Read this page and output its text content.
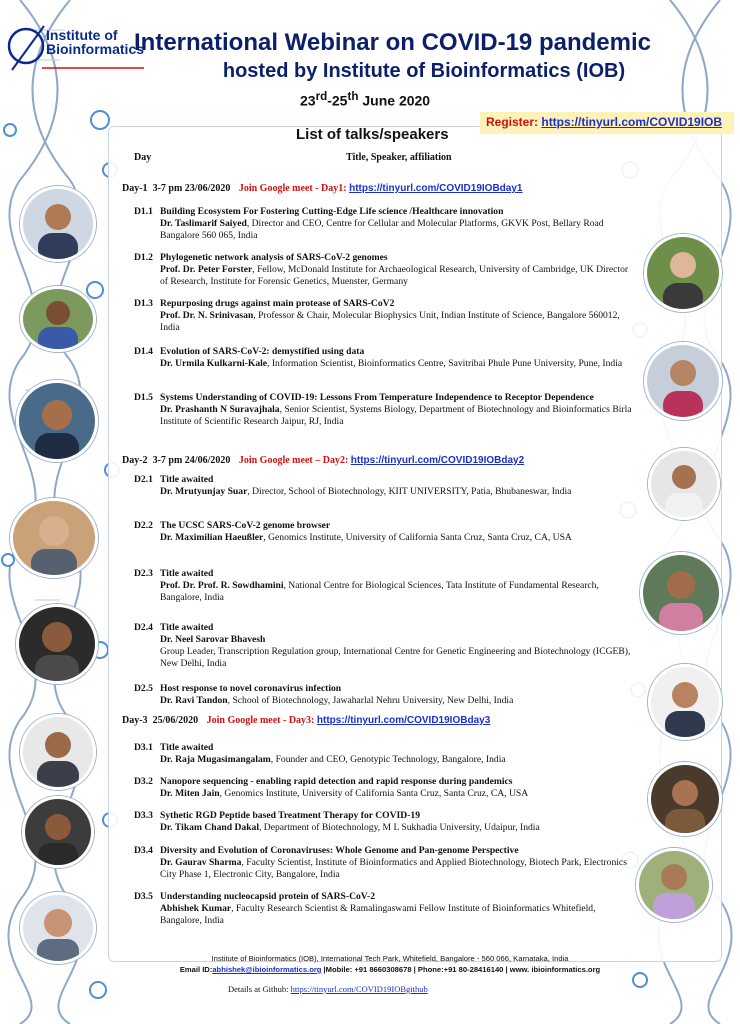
Institute of
Bioinformatics
International Webinar on COVID-19 pandemic
hosted by Institute of Bioinformatics (IOB)
23rd-25th June 2020
Register: https://tinyurl.com/COVID19IOB
List of talks/speakers
Day	Title, Speaker, affiliation
Day-1 3-7 pm 23/06/2020 Join Google meet - Day1: https://tinyurl.com/COVID19IOBday1
Day-2 3-7 pm 24/06/2020 Join Google meet – Day2: https://tinyurl.com/COVID19IOBday2
Day-3 25/06/2020 Join Google meet - Day3: https://tinyurl.com/COVID19IOBday3
D1.1 Building Ecosystem For Fostering Cutting-Edge Life science /Healthcare innovation
Dr. Taslimarif Saiyed, Director and CEO, Centre for Cellular and Molecular Platforms, GKVK Post, Bellary Road Bangalore 560 065, India
D1.2 Phylogenetic network analysis of SARS-CoV-2 genomes
Prof. Dr. Peter Forster, Fellow, McDonald Institute for Archaeological Research, University of Cambridge, UK Director of Research, Institute for Forensic Genetics, Muenster, Germany
D1.3 Repurposing drugs against main protease of SARS-CoV2
Prof. Dr. N. Srinivasan, Professor & Chair, Molecular Biophysics Unit, Indian Institute of Science, Bangalore 560012, India
D1.4 Evolution of SARS-CoV-2: demystified using data
Dr. Urmila Kulkarni-Kale, Information Scientist, Bioinformatics Centre, Savitribai Phule Pune University, Pune, India
D1.5 Systems Understanding of COVID-19: Lessons From Temperature Independence to Receptor Dependence
Dr. Prashanth N Suravajhala, Senior Scientist, Systems Biology, Department of Biotechnology and Bioinformatics Birla Institute of Scientific Research Jaipur, RJ, India
D2.1 Title awaited
Dr. Mrutyunjay Suar, Director, School of Biotechnology, KIIT UNIVERSITY, Patia, Bhubaneswar, India
D2.2 The UCSC SARS-CoV-2 genome browser
Dr. Maximilian Haeußler, Genomics Institute, University of California Santa Cruz, Santa Cruz, CA, USA
D2.3 Title awaited
Prof. Dr. Prof. R. Sowdhamini, National Centre for Biological Sciences, Tata Institute of Fundamental Research, Bangalore, India
D2.4 Title awaited
Dr. Neel Sarovar Bhavesh
Group Leader, Transcription Regulation group, International Centre for Genetic Engineering and Biotechnology (ICGEB), New Delhi, India
D2.5 Host response to novel coronavirus infection
Dr. Ravi Tandon, School of Biotechnology, Jawaharlal Nehru University, New Delhi, India
D3.1 Title awaited
Dr. Raja Mugasimangalam, Founder and CEO, Genotypic Technology, Bangalore, India
D3.2 Nanopore sequencing - enabling rapid detection and rapid response during pandemics
Dr. Miten Jain, Genomics Institute, University of California Santa Cruz, Santa Cruz, CA, USA
D3.3 Sythetic RGD Peptide based Treatment Therapy for COVID-19
Dr. Tikam Chand Dakal, Department of Biotechnology, M L Sukhadia University, Udaipur, India
D3.4 Diversity and Evolution of Coronaviruses: Whole Genome and Pan-genome Perspective
Dr. Gaurav Sharma, Faculty Scientist, Institute of Bioinformatics and Applied Biotechnology, Biotech Park, Electronics City Phase 1, Electronic City, Bangalore, India
D3.5 Understanding nucleocapsid protein of SARS-CoV-2
Abhishek Kumar, Faculty Research Scientist & Ramalingaswami Fellow Institute of Bioinformatics Whitefield, Bangalore, India
Institute of Bioinformatics (IOB), International Tech Park, Whitefield, Bangalore - 560 066, Karnataka, India
Email ID:abhishek@ibioinformatics.org |Mobile: +91 8660308678 | Phone:+91 80-28416140 | www. ibioinformatics.org
Details at Github: https://tinyurl.com/COVID19IOBgithub
